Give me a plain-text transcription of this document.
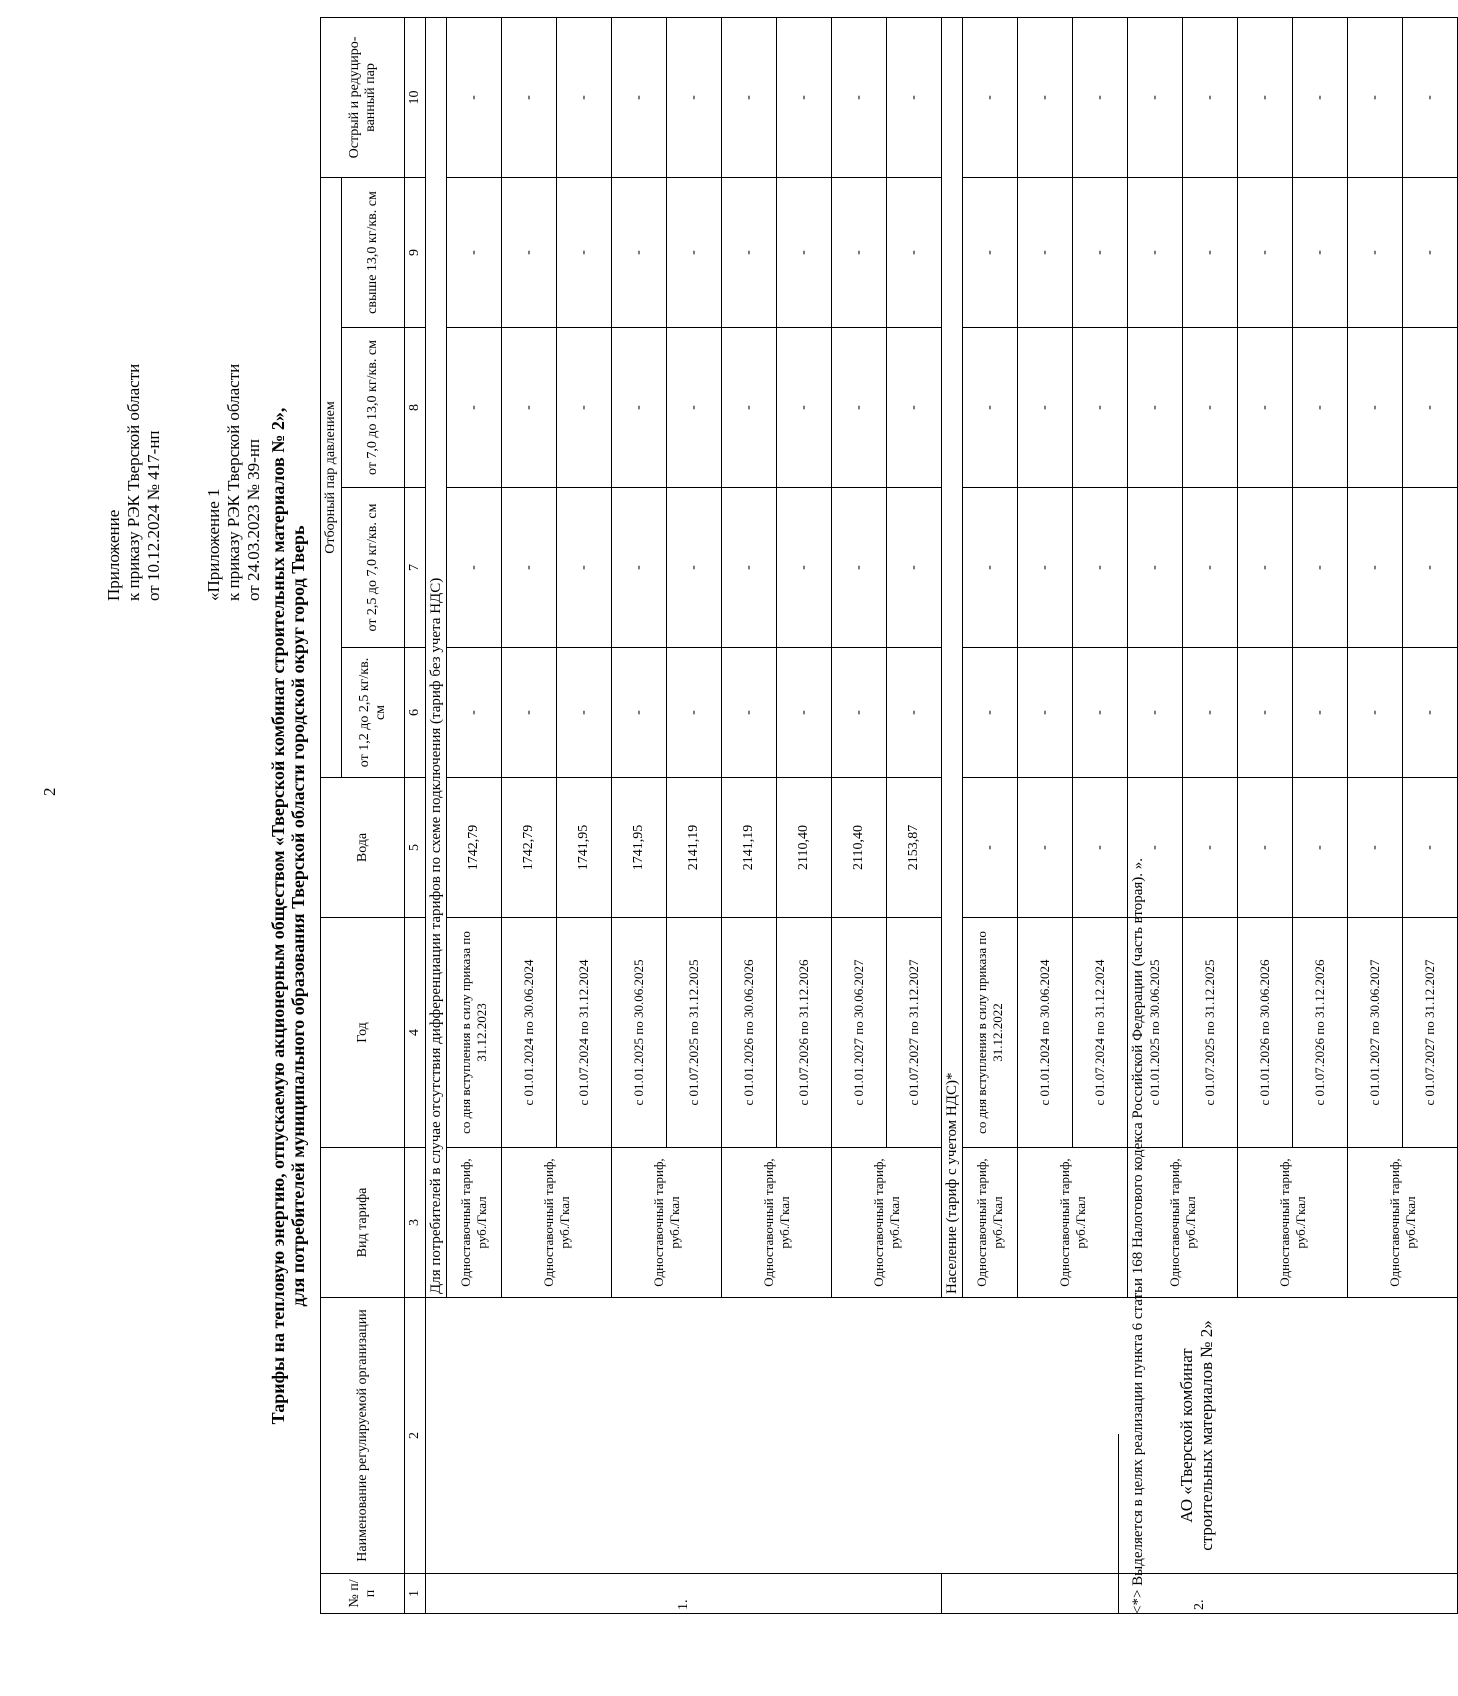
2
Приложение к приказу РЭК Тверской области от 10.12.2024 № 417-нп «Приложение 1 к приказу РЭК Тверской области от 24.03.2023 № 39-нп Тарифы на тепловую энергию, отпускаемую акционерным обществом «Тверской комбинат строительных материалов № 2», для потребителей муниципального образования Тверской области городской округ город Тверь
№ п/п	Наименование регулируемой организации	Вид тарифа	Год	Вода	Отборный пар давлением				Острый и редуциро-ванный пар
					от 1,2 до 2,5 кг/кв. см	от 2,5 до 7,0 кг/кв. см	от 7,0 до 13,0 кг/кв. см	свыше 13,0 кг/кв. см	
1	2	3	4	5	6	7	8	9	10
1.	АО «Тверской комбинат строительных материалов № 2»	Для потребителей в случае отсутствия дифференциации тарифов по схеме подключения (тариф без учета НДС)							
		Одноставочный тариф, руб./Гкал	со дня вступления в силу приказа по 31.12.2023	1742,79	-	-	-	-	-
		Одноставочный тариф, руб./Гкал	с 01.01.2024 по 30.06.2024	1742,79	-	-	-	-	-
			с 01.07.2024 по 31.12.2024	1741,95	-	-	-	-	-
		Одноставочный тариф, руб./Гкал	с 01.01.2025 по 30.06.2025	1741,95	-	-	-	-	-
			с 01.07.2025 по 31.12.2025	2141,19	-	-	-	-	-
		Одноставочный тариф, руб./Гкал	с 01.01.2026 по 30.06.2026	2141,19	-	-	-	-	-
			с 01.07.2026 по 31.12.2026	2110,40	-	-	-	-	-
		Одноставочный тариф, руб./Гкал	с 01.01.2027 по 30.06.2027	2110,40	-	-	-	-	-
			с 01.07.2027 по 31.12.2027	2153,87	-	-	-	-	-
2.		Население (тариф с учетом НДС)*							
		Одноставочный тариф, руб./Гкал	со дня вступления в силу приказа по 31.12.2022	-	-	-	-	-	-
		Одноставочный тариф, руб./Гкал	с 01.01.2024 по 30.06.2024	-	-	-	-	-	-
			с 01.07.2024 по 31.12.2024	-	-	-	-	-	-
		Одноставочный тариф, руб./Гкал	с 01.01.2025 по 30.06.2025	-	-	-	-	-	-
			с 01.07.2025 по 31.12.2025	-	-	-	-	-	-
		Одноставочный тариф, руб./Гкал	с 01.01.2026 по 30.06.2026	-	-	-	-	-	-
			с 01.07.2026 по 31.12.2026	-	-	-	-	-	-
		Одноставочный тариф, руб./Гкал	с 01.01.2027 по 30.06.2027	-	-	-	-	-	-
			с 01.07.2027 по 31.12.2027	-	-	-	-	-	-
<*> Выделяется в целях реализации пункта 6 статьи 168 Налогового кодекса Российской Федерации (часть вторая). ».
